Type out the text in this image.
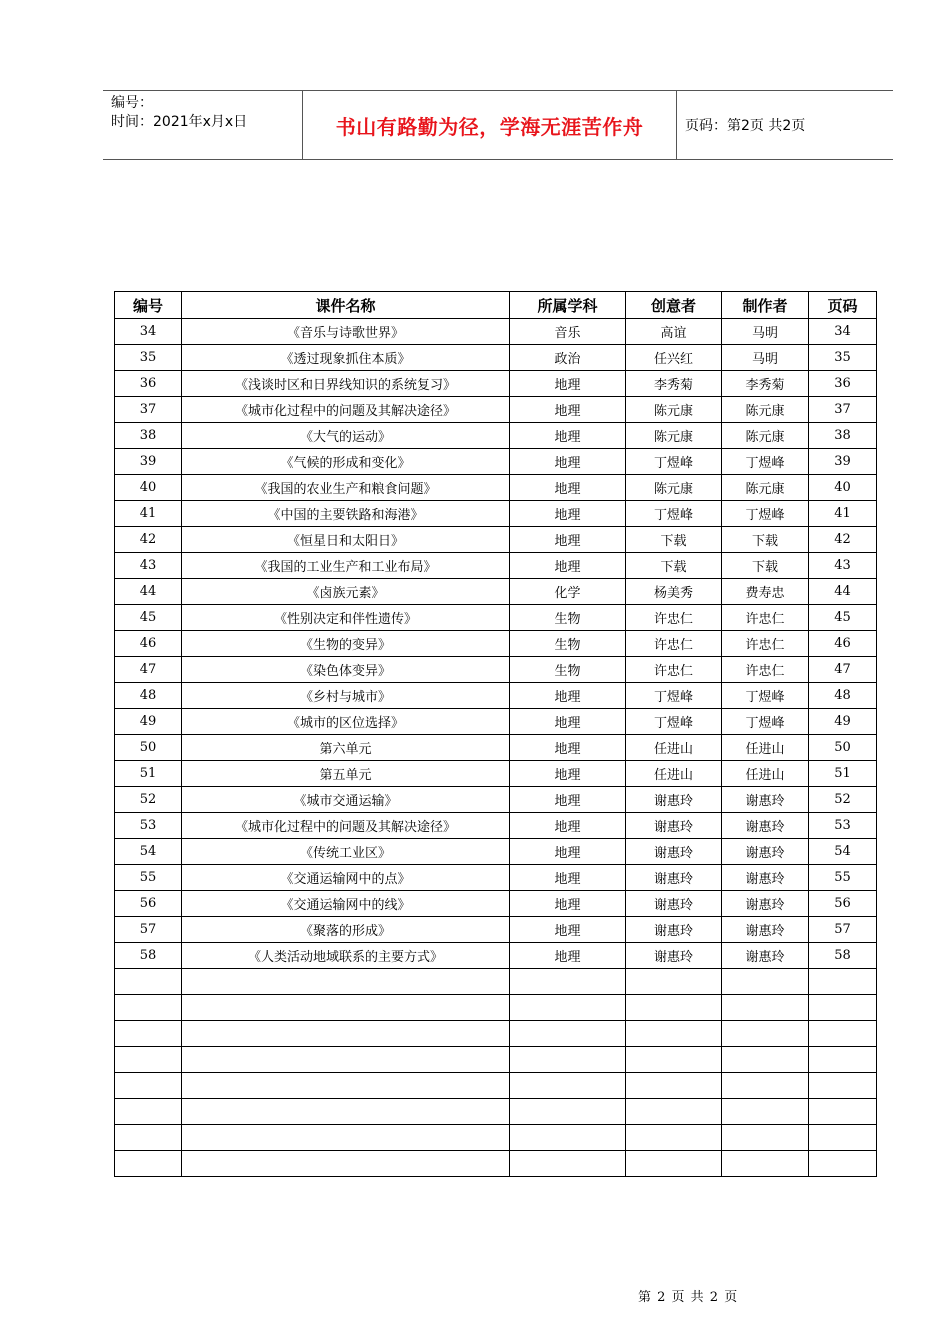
编号：
时间：2021年x月x日	书山有路勤为径，学海无涯苦作舟	页码：第2页 共2页
编号	课件名称	所属学科	创意者	制作者	页码
34	《音乐与诗歌世界》	音乐	高谊	马明	34
35	《透过现象抓住本质》	政治	任兴红	马明	35
36	《浅谈时区和日界线知识的系统复习》	地理	李秀菊	李秀菊	36
37	《城市化过程中的问题及其解决途径》	地理	陈元康	陈元康	37
38	《大气的运动》	地理	陈元康	陈元康	38
39	《气候的形成和变化》	地理	丁煜峰	丁煜峰	39
40	《我国的农业生产和粮食问题》	地理	陈元康	陈元康	40
41	《中国的主要铁路和海港》	地理	丁煜峰	丁煜峰	41
42	《恒星日和太阳日》	地理	下载	下载	42
43	《我国的工业生产和工业布局》	地理	下载	下载	43
44	《卤族元素》	化学	杨美秀	费寿忠	44
45	《性别决定和伴性遗传》	生物	许忠仁	许忠仁	45
46	《生物的变异》	生物	许忠仁	许忠仁	46
47	《染色体变异》	生物	许忠仁	许忠仁	47
48	《乡村与城市》	地理	丁煜峰	丁煜峰	48
49	《城市的区位选择》	地理	丁煜峰	丁煜峰	49
50	第六单元	地理	任进山	任进山	50
51	第五单元	地理	任进山	任进山	51
52	《城市交通运输》	地理	谢惠玲	谢惠玲	52
53	《城市化过程中的问题及其解决途径》	地理	谢惠玲	谢惠玲	53
54	《传统工业区》	地理	谢惠玲	谢惠玲	54
55	《交通运输网中的点》	地理	谢惠玲	谢惠玲	55
56	《交通运输网中的线》	地理	谢惠玲	谢惠玲	56
57	《聚落的形成》	地理	谢惠玲	谢惠玲	57
58	《人类活动地域联系的主要方式》	地理	谢惠玲	谢惠玲	58

第 2 页 共 2 页
